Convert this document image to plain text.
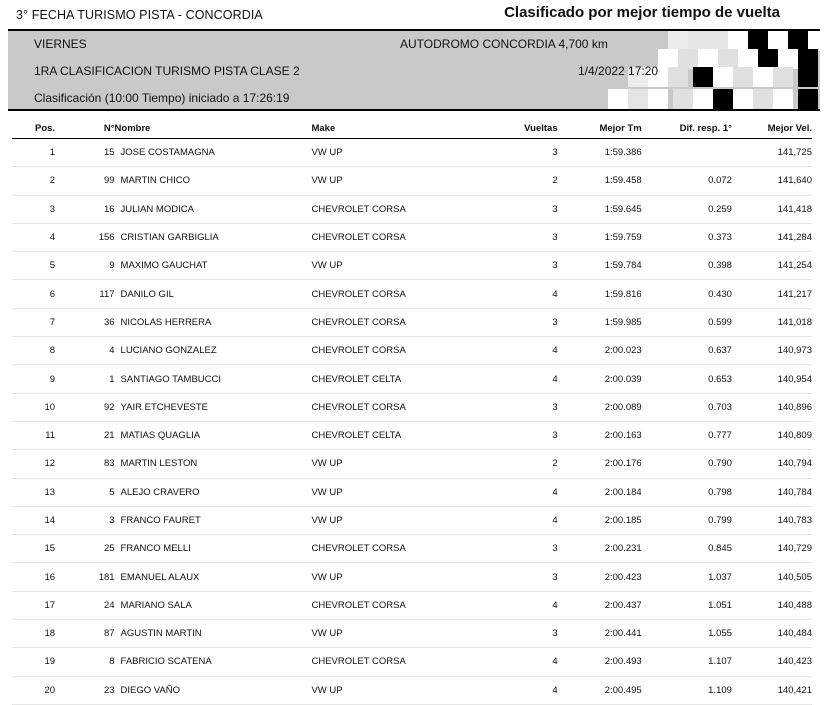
3° FECHA TURISMO PISTA - CONCORDIA	Clasificado por mejor tiempo de vuelta
VIERNES	AUTODROMO CONCORDIA 4,700 km
1RA CLASIFICACION TURISMO PISTA CLASE 2	1/4/2022 17:20
Clasificación (10:00 Tiempo) iniciado a 17:26:19
Pos.	N°	Nombre	Make	Vueltas	Mejor Tm	Dif. resp. 1°	Mejor Vel.
1	15	JOSE COSTAMAGNA	VW UP	3	1:59.386		141,725
2	99	MARTIN CHICO	VW UP	2	1:59.458	0.072	141,640
3	16	JULIAN MODICA	CHEVROLET CORSA	3	1:59.645	0.259	141,418
4	156	CRISTIAN GARBIGLIA	CHEVROLET CORSA	3	1:59.759	0.373	141,284
5	9	MAXIMO GAUCHAT	VW UP	3	1:59.784	0.398	141,254
6	117	DANILO GIL	CHEVROLET CORSA	4	1:59.816	0.430	141,217
7	36	NICOLAS HERRERA	CHEVROLET CORSA	3	1:59.985	0.599	141,018
8	4	LUCIANO GONZALEZ	CHEVROLET CORSA	4	2:00.023	0.637	140,973
9	1	SANTIAGO TAMBUCCI	CHEVROLET CELTA	4	2:00.039	0.653	140,954
10	92	YAIR ETCHEVESTE	CHEVROLET CORSA	3	2:00.089	0.703	140,896
11	21	MATIAS QUAGLIA	CHEVROLET CELTA	3	2:00.163	0.777	140,809
12	83	MARTIN LESTON	VW UP	2	2:00.176	0.790	140,794
13	5	ALEJO CRAVERO	VW UP	4	2:00.184	0.798	140,784
14	3	FRANCO FAURET	VW UP	4	2:00.185	0.799	140,783
15	25	FRANCO MELLI	CHEVROLET CORSA	3	2:00.231	0.845	140,729
16	181	EMANUEL ALAUX	VW UP	3	2:00.423	1.037	140,505
17	24	MARIANO SALA	CHEVROLET CORSA	4	2:00.437	1.051	140,488
18	87	AGUSTIN MARTIN	VW UP	3	2:00.441	1.055	140,484
19	8	FABRICIO SCATENA	CHEVROLET CORSA	4	2:00.493	1.107	140,423
20	23	DIEGO VAÑO	VW UP	4	2:00.495	1.109	140,421
